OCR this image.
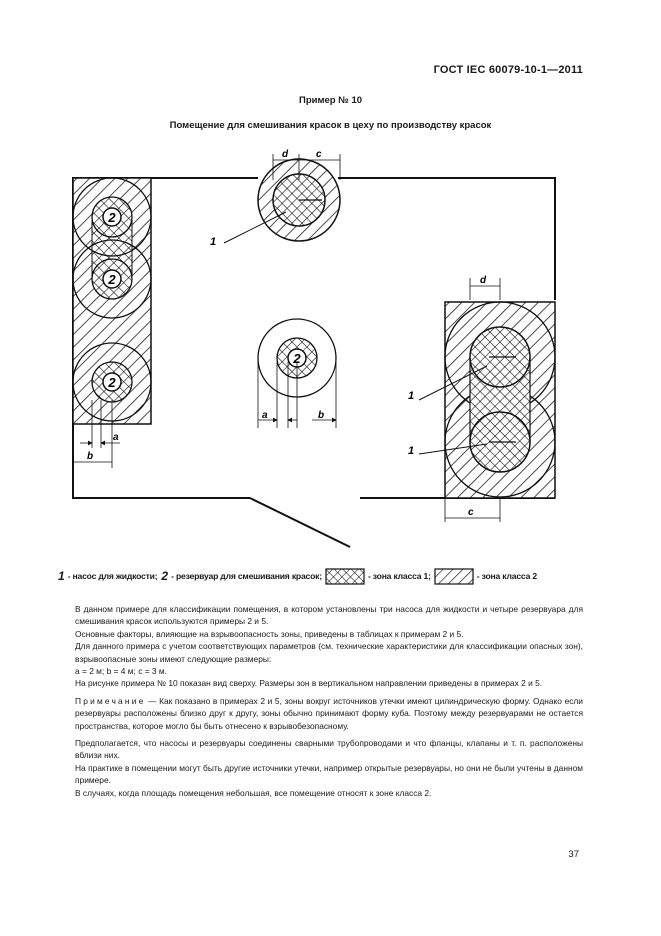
ГОСТ IEC 60079-10-1—2011
Пример № 10
Помещение для смешивания красок в цеху по производству красок
2
2
2
a
b
1
d	c
2
a	b
1
1
d
c
1 - насос для жидкости; 2 - резервуар для смешивания красок;	- зона класса 1;	- зона класса 2

В данном примере для классификации помещения, в котором установлены три насоса для жидкости и четыре резервуара для смешивания красок используются примеры 2 и 5.

Основные факторы, влияющие на взрывоопасность зоны, приведены в таблицах к примерам 2 и 5.

Для данного примера с учетом соответствующих параметров (см. технические характеристики для классификации опасных зон), взрывоопасные зоны имеют следующие размеры:

а = 2 м; b = 4 м; с = 3 м.

На рисунке примера № 10 показан вид сверху. Размеры зон в вертикальном направлении приведены в примерах 2 и 5.

Примечание — Как показано в примерах 2 и 5, зоны вокруг источников утечки имеют цилиндрическую форму. Однако если резервуары расположены близко друг к другу, зоны обычно принимают форму куба. Поэтому между резервуарами не остается пространства, которое могло бы быть отнесено к взрывобезопасному.

Предполагается, что насосы и резервуары соединены сварными трубопроводами и что фланцы, клапаны и т. п. расположены вблизи них.

На практике в помещении могут быть другие источники утечки, например открытые резервуары, но они не были учтены в данном примере.

В случаях, когда площадь помещения небольшая, все помещение относят к зоне класса 2.

37
